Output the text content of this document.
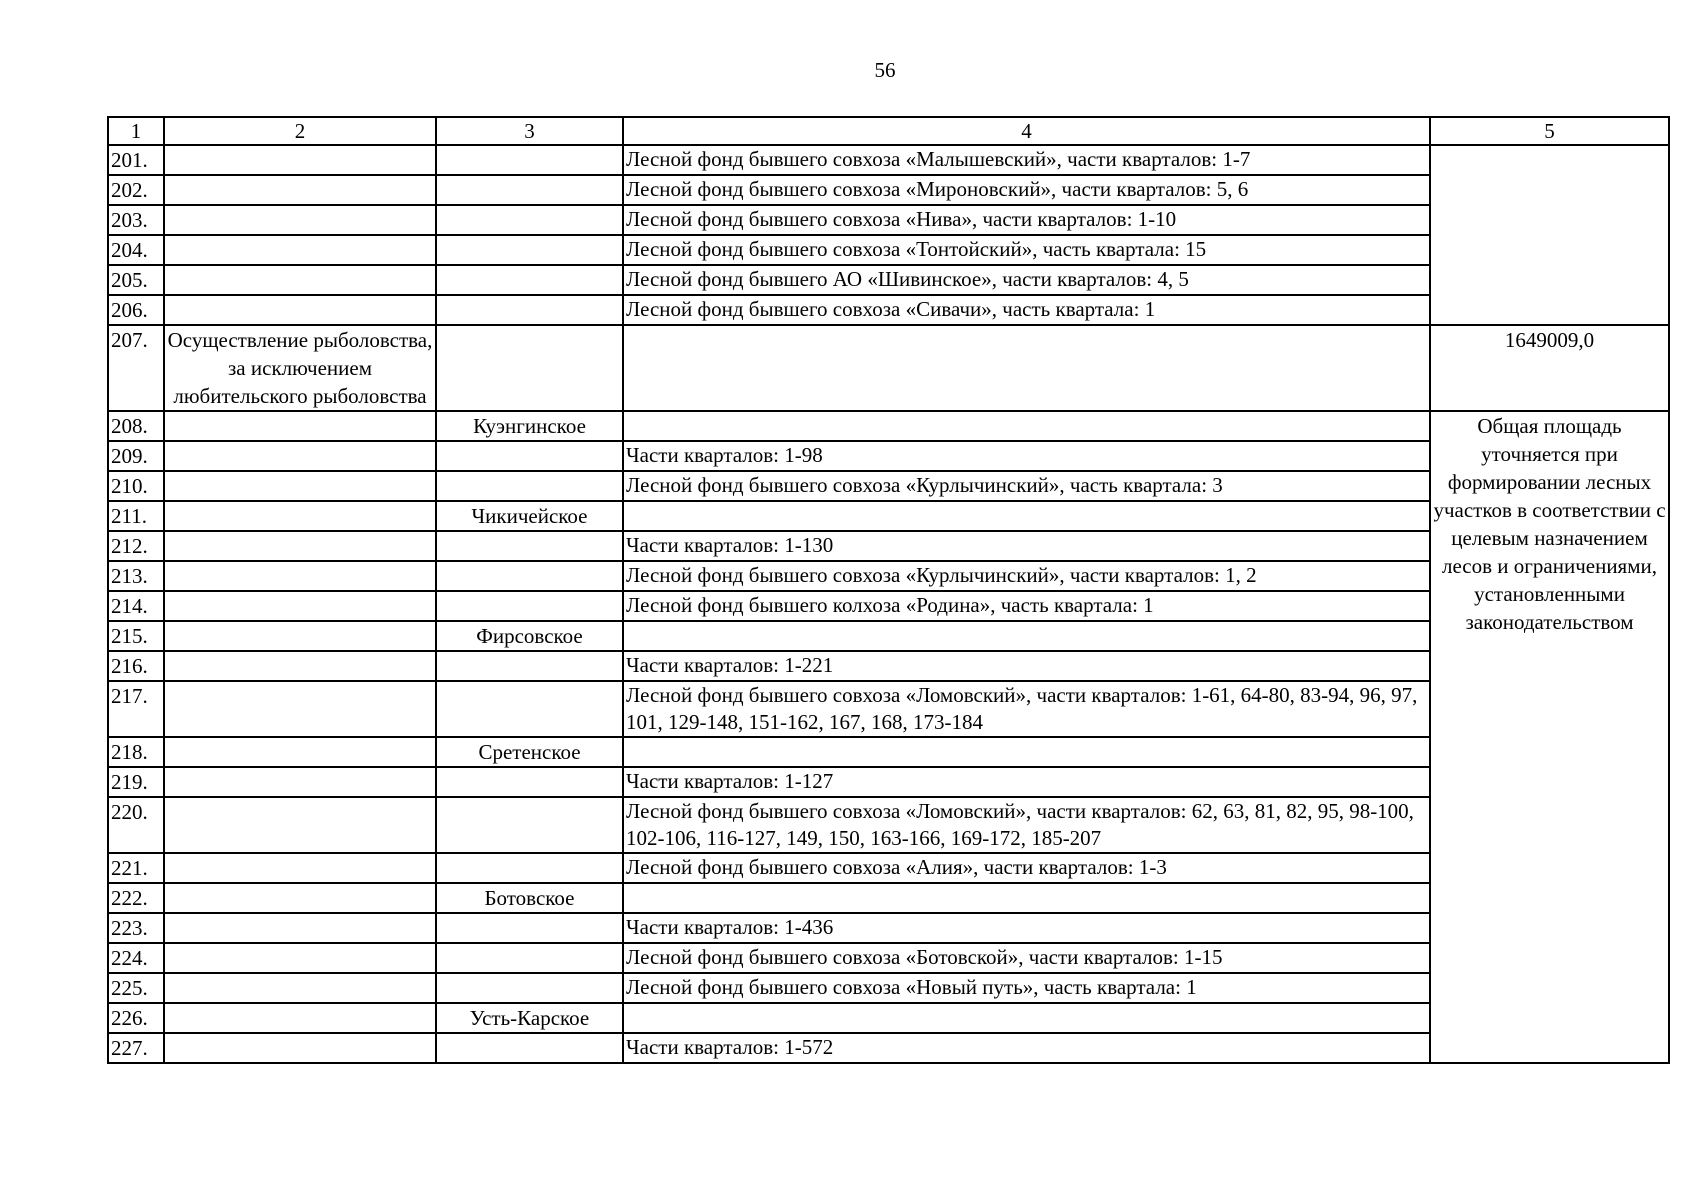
56
1	2	3	4	5
201.			Лесной фонд бывшего совхоза «Малышевский», части кварталов: 1-7	
202.			Лесной фонд бывшего совхоза «Мироновский», части кварталов: 5, 6	
203.			Лесной фонд бывшего совхоза «Нива», части кварталов: 1-10	
204.			Лесной фонд бывшего совхоза «Тонтойский», часть квартала: 15	
205.			Лесной фонд бывшего АО «Шивинское», части кварталов: 4, 5	
206.			Лесной фонд бывшего совхоза «Сивачи», часть квартала: 1	
207.	Осуществление рыболовства, за исключением любительского рыболовства			1649009,0
208.		Куэнгинское		Общая площадь уточняется при формировании лесных участков в соответствии с целевым назначением лесов и ограничениями, установленными законодательством
209.			Части кварталов: 1-98	
210.			Лесной фонд бывшего совхоза «Курлычинский», часть квартала: 3	
211.		Чикичейское		
212.			Части кварталов: 1-130	
213.			Лесной фонд бывшего совхоза «Курлычинский», части кварталов: 1, 2	
214.			Лесной фонд бывшего колхоза «Родина», часть квартала: 1	
215.		Фирсовское		
216.			Части кварталов: 1-221	
217.			Лесной фонд бывшего совхоза «Ломовский», части кварталов: 1-61, 64-80, 83-94, 96, 97, 101, 129-148, 151-162, 167, 168, 173-184	
218.		Сретенское		
219.			Части кварталов: 1-127	
220.			Лесной фонд бывшего совхоза «Ломовский», части кварталов: 62, 63, 81, 82, 95, 98-100, 102-106, 116-127, 149, 150, 163-166, 169-172, 185-207	
221.			Лесной фонд бывшего совхоза «Алия», части кварталов: 1-3	
222.		Ботовское		
223.			Части кварталов: 1-436	
224.			Лесной фонд бывшего совхоза «Ботовской», части кварталов: 1-15	
225.			Лесной фонд бывшего совхоза «Новый путь», часть квартала: 1	
226.		Усть-Карское		
227.			Части кварталов: 1-572	
